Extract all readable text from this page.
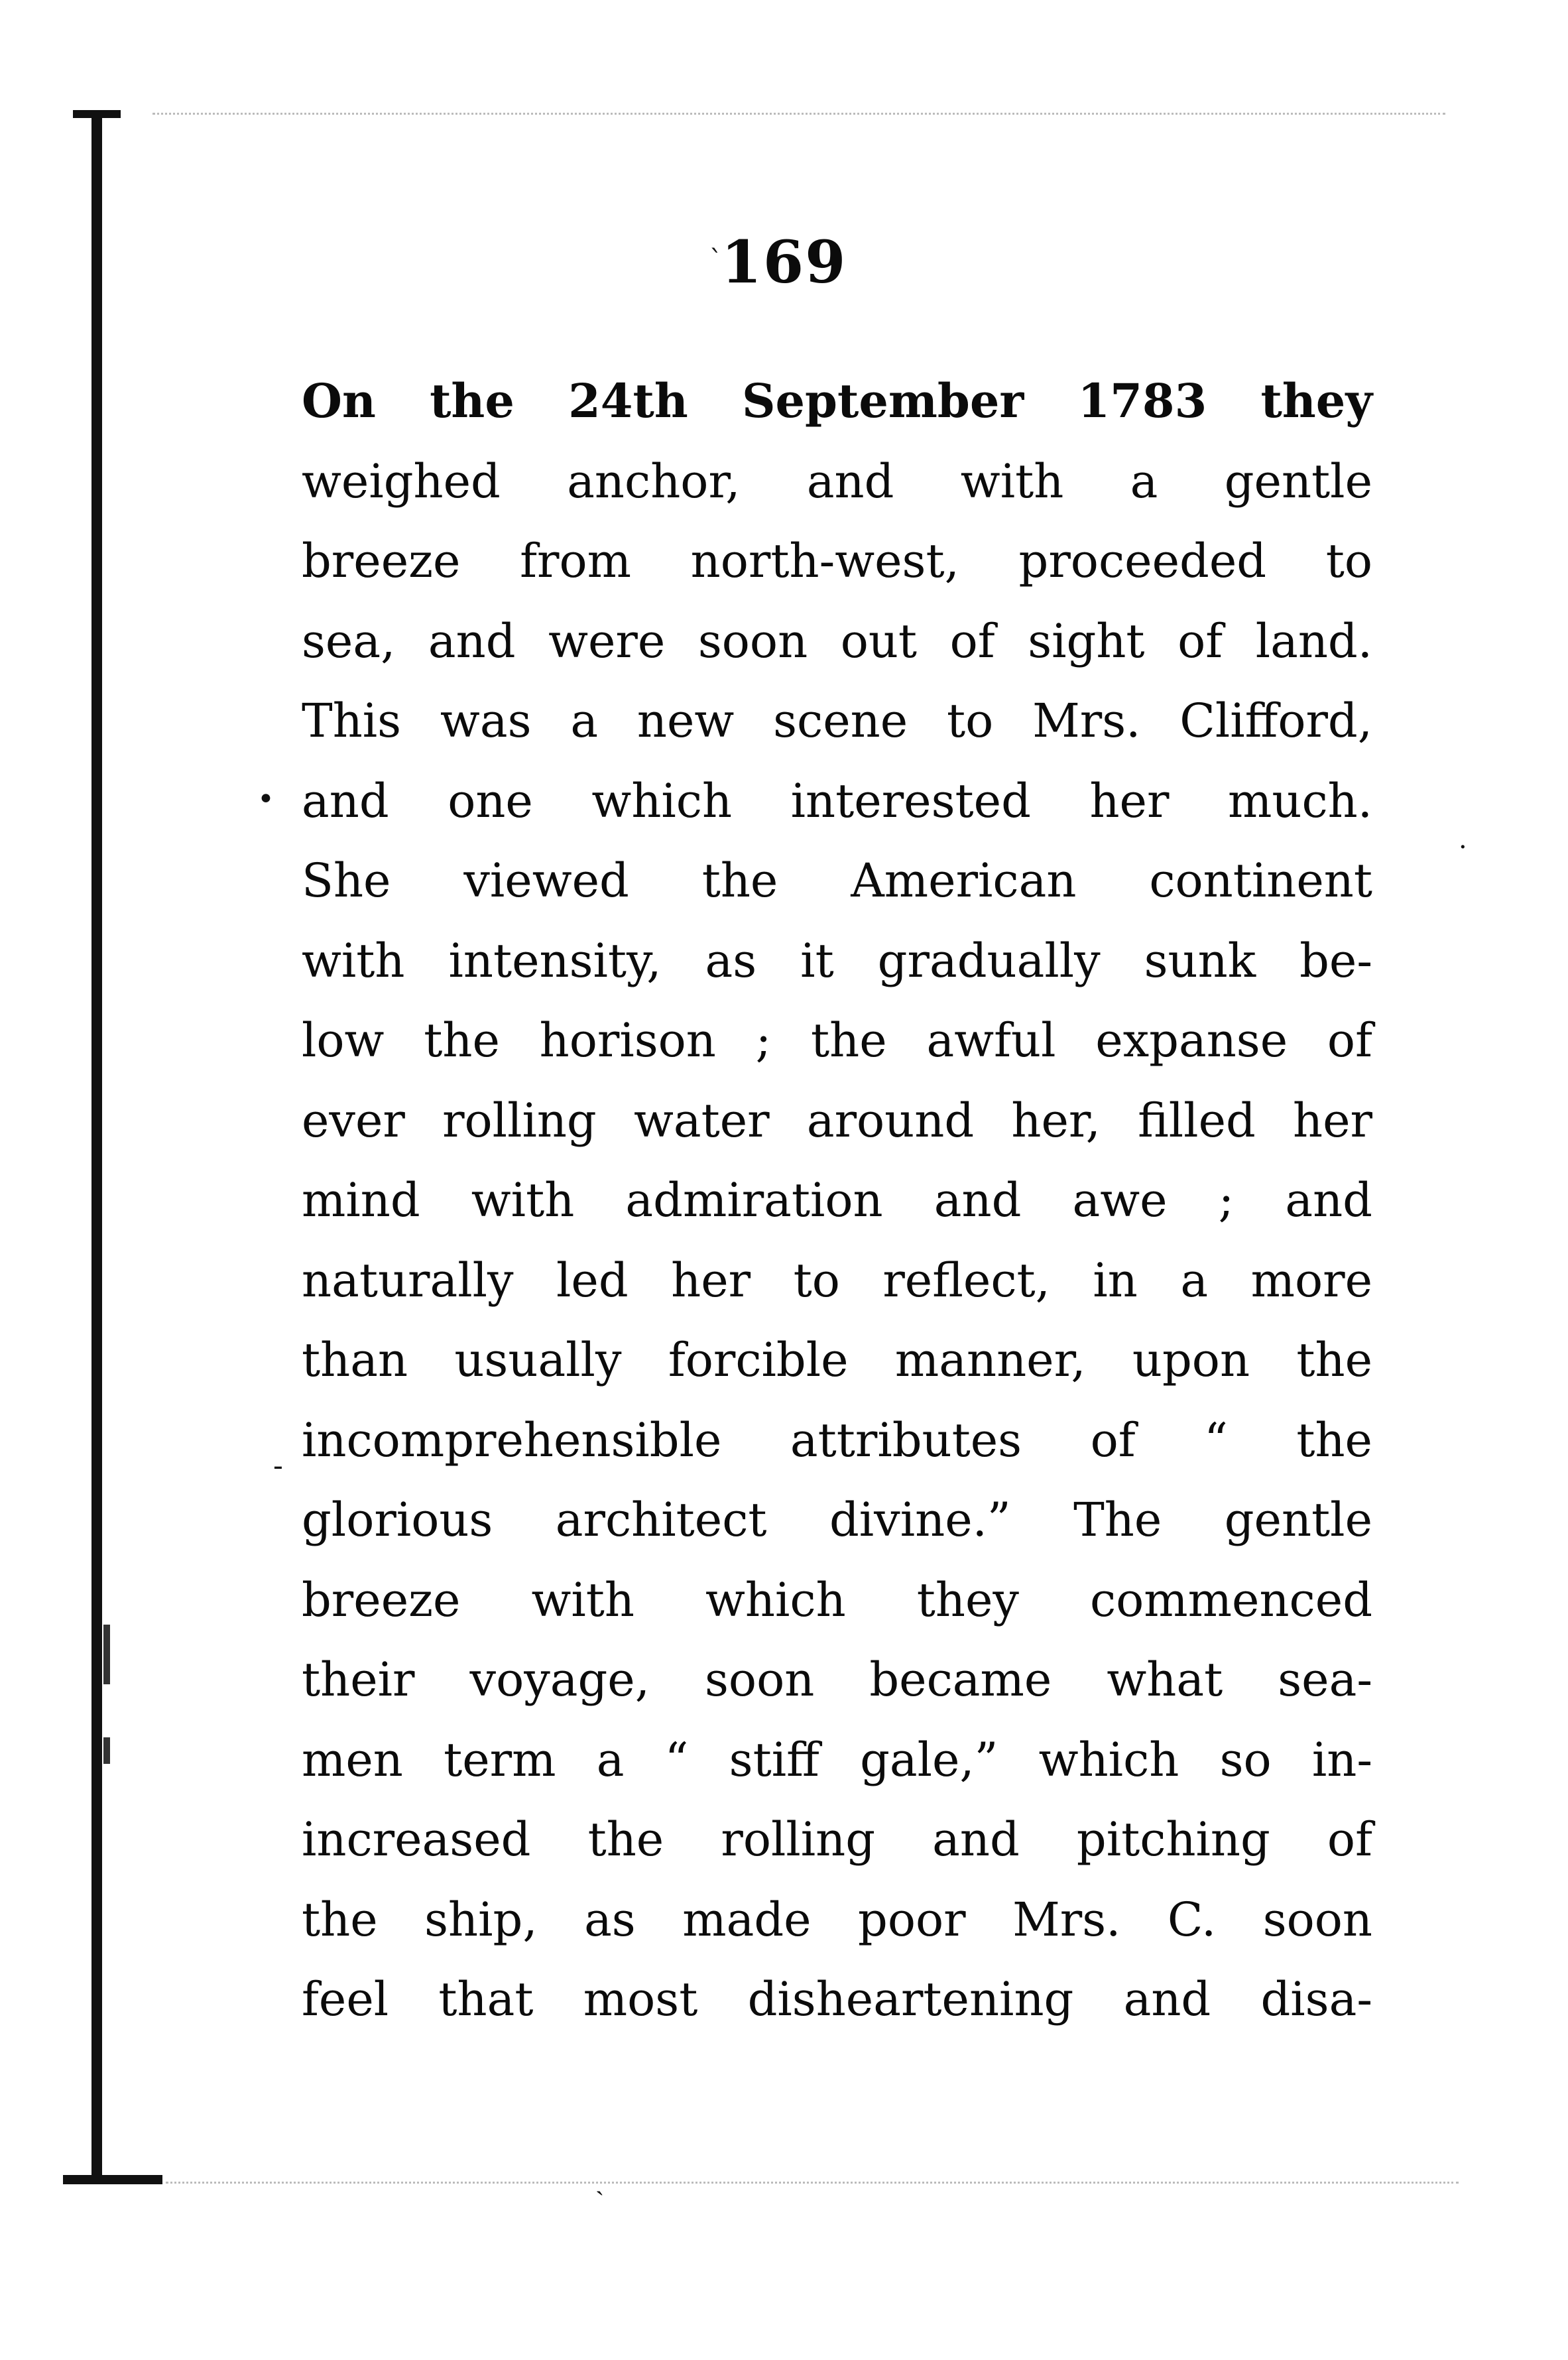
ˋ
•
·
-
ˏ
169
On the 24th September 1783 they
weighed anchor, and with a gentle
breeze from north-west, proceeded to
sea, and were soon out of sight of land.
This was a new scene to Mrs. Clifford,
and one which interested her much.
She viewed the American continent
with intensity, as it gradually sunk be-
low the horison ; the awful expanse of
ever rolling water around her, filled her
mind with admiration and awe ; and
naturally led her to reflect, in a more
than usually forcible manner, upon the
incomprehensible attributes of “ the
glorious architect divine.” The gentle
breeze with which they commenced
their voyage, soon became what sea-
men term a “ stiff gale,” which so in-
increased the rolling and pitching of
the ship, as made poor Mrs. C. soon
feel that most disheartening and disa-
